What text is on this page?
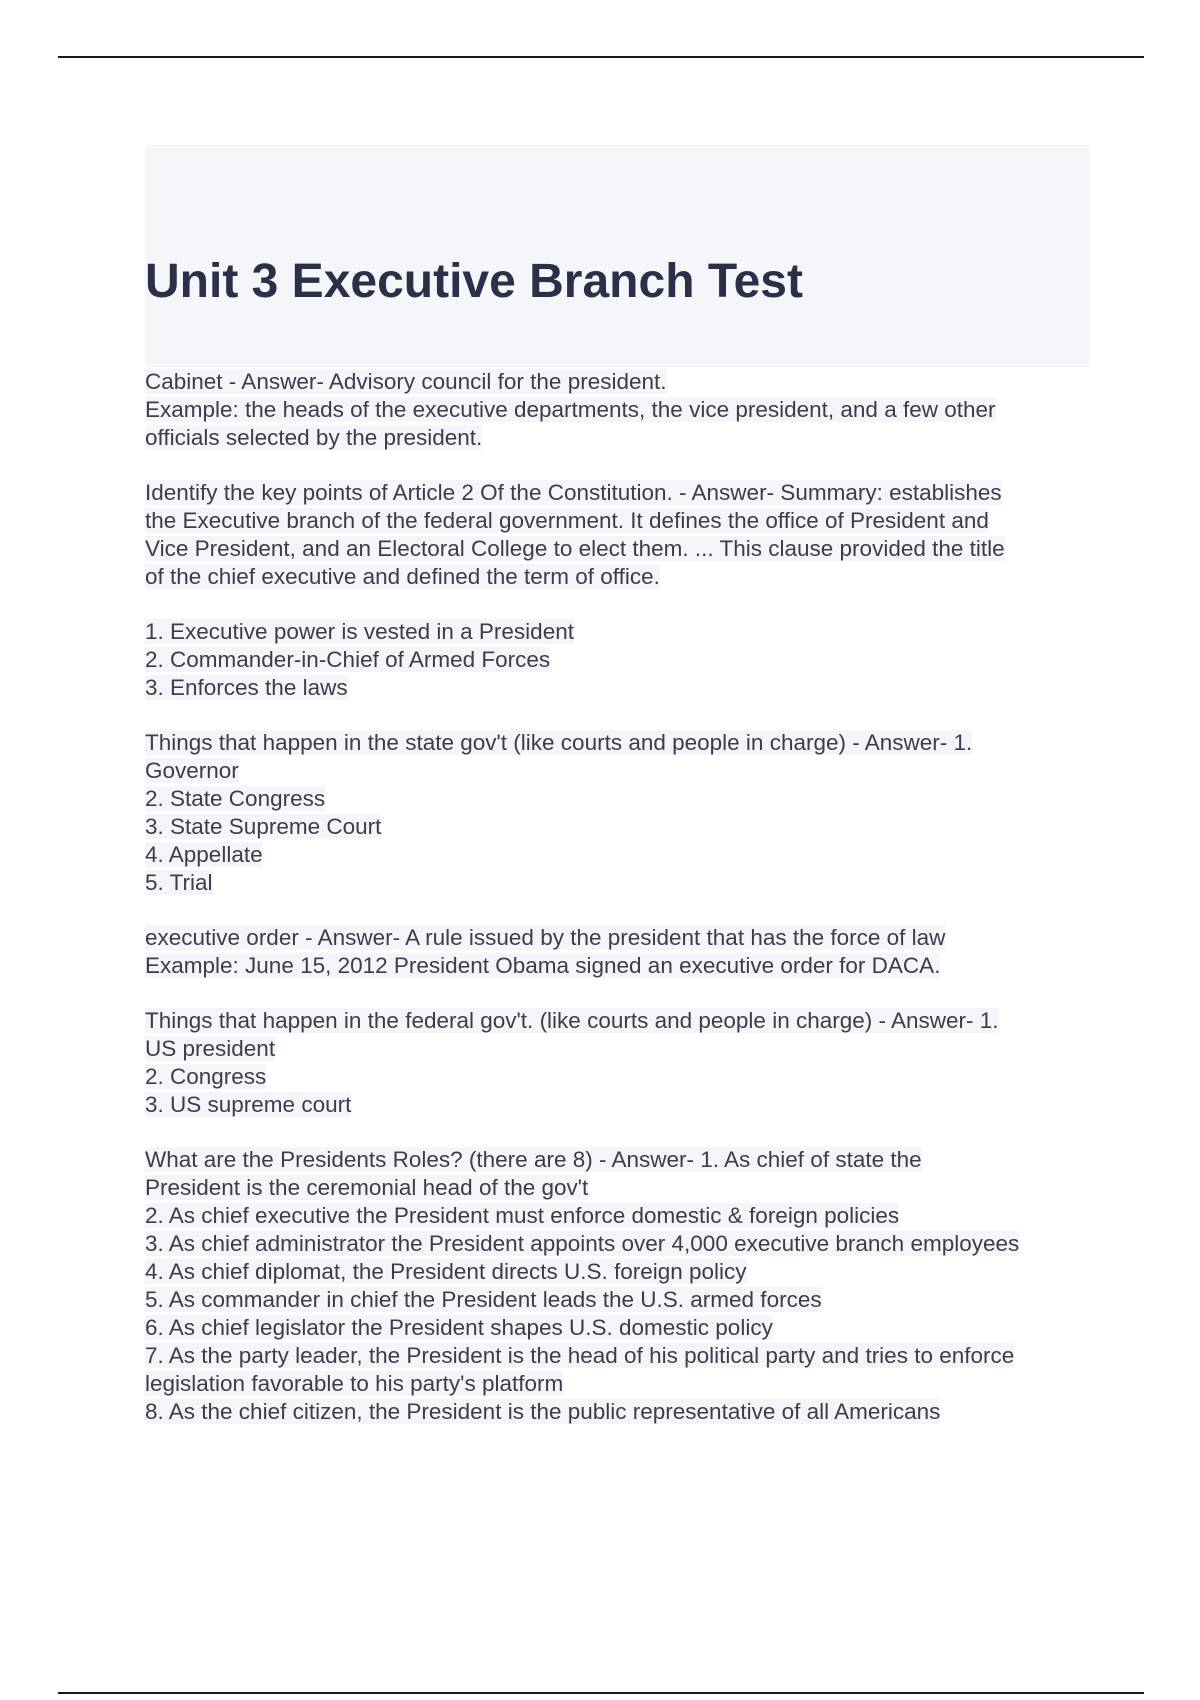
Unit 3 Executive Branch Test
Cabinet - Answer- Advisory council for the president.
Example: the heads of the executive departments, the vice president, and a few other
officials selected by the president.
Identify the key points of Article 2 Of the Constitution. - Answer- Summary: establishes
the Executive branch of the federal government. It defines the office of President and
Vice President, and an Electoral College to elect them. ... This clause provided the title
of the chief executive and defined the term of office.
1. Executive power is vested in a President
2. Commander-in-Chief of Armed Forces
3. Enforces the laws
Things that happen in the state gov't (like courts and people in charge) - Answer- 1.
Governor
2. State Congress
3. State Supreme Court
4. Appellate
5. Trial
executive order - Answer- A rule issued by the president that has the force of law
Example: June 15, 2012 President Obama signed an executive order for DACA.
Things that happen in the federal gov't. (like courts and people in charge) - Answer- 1.
US president
2. Congress
3. US supreme court
What are the Presidents Roles? (there are 8) - Answer- 1. As chief of state the
President is the ceremonial head of the gov't
2. As chief executive the President must enforce domestic & foreign policies
3. As chief administrator the President appoints over 4,000 executive branch employees
4. As chief diplomat, the President directs U.S. foreign policy
5. As commander in chief the President leads the U.S. armed forces
6. As chief legislator the President shapes U.S. domestic policy
7. As the party leader, the President is the head of his political party and tries to enforce
legislation favorable to his party's platform
8. As the chief citizen, the President is the public representative of all Americans
